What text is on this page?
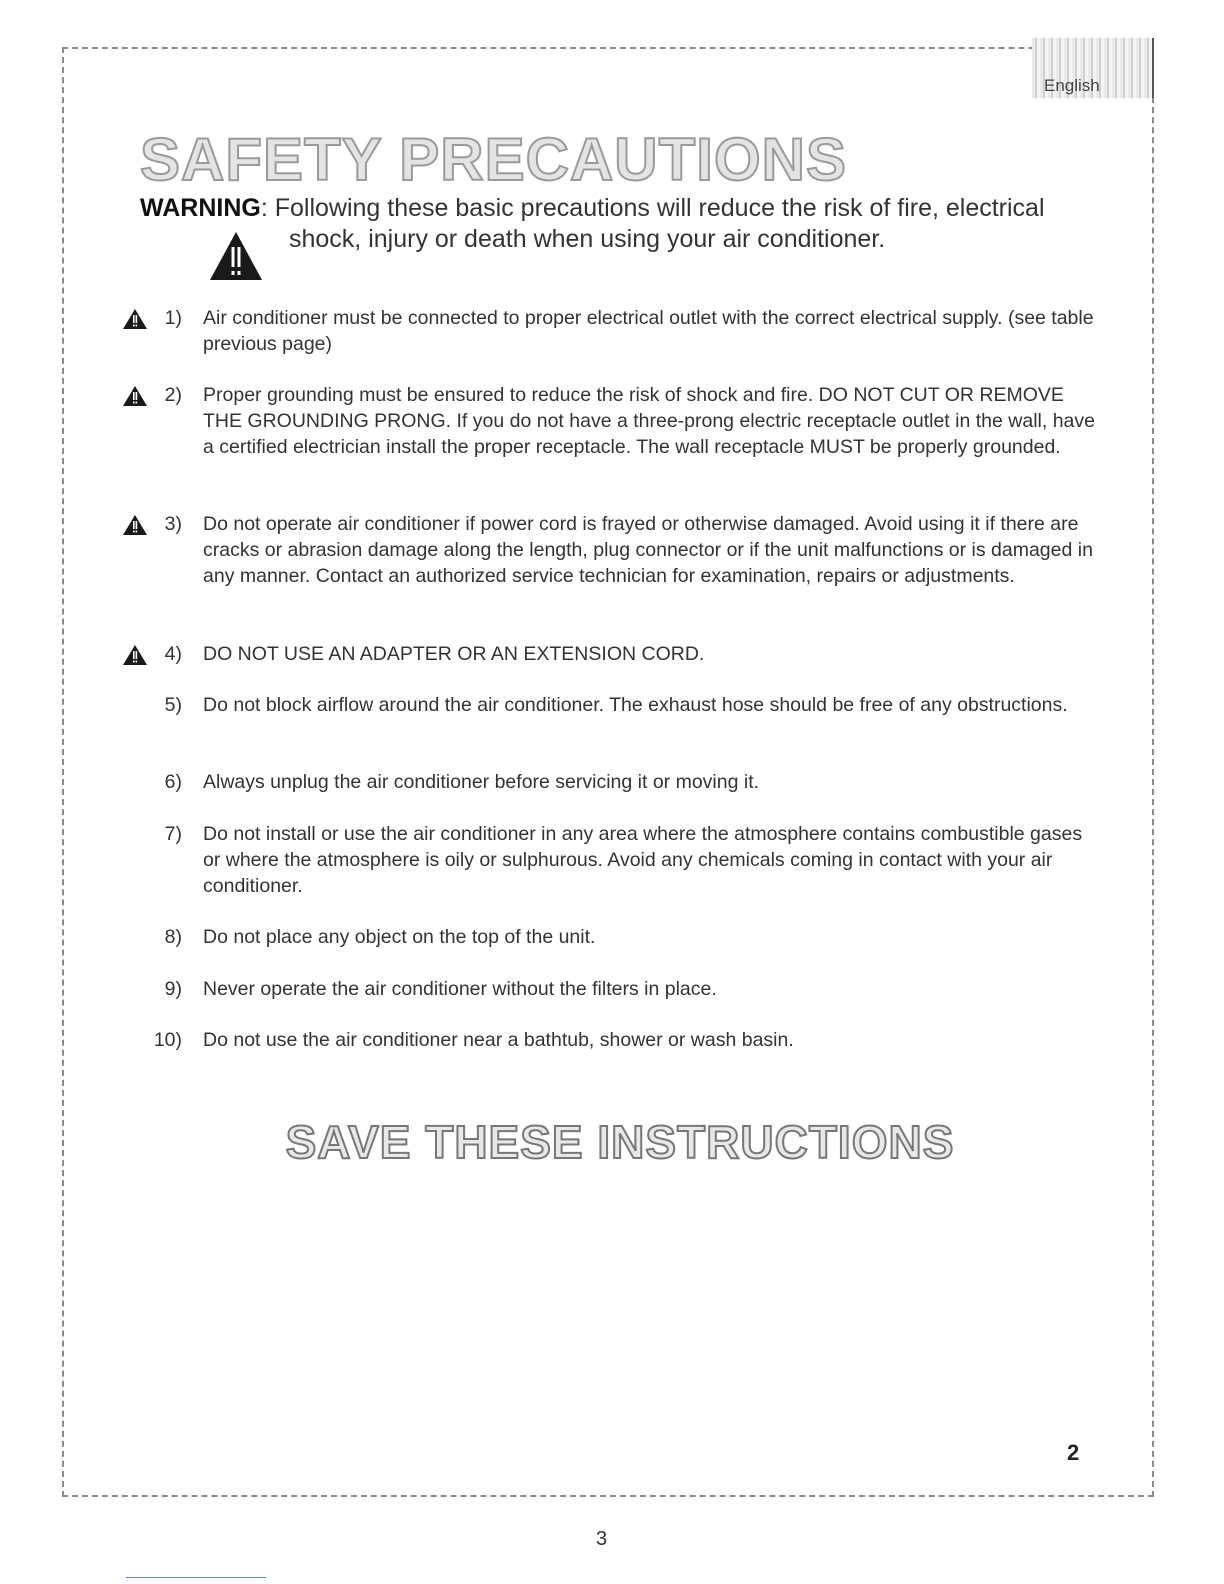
English
SAFETY PRECAUTIONS
WARNING: Following these basic precautions will reduce the risk of fire, electrical
shock, injury or death when using your air conditioner.
1) Air conditioner must be connected to proper electrical outlet with the correct electrical supply. (see table previous page)
2) Proper grounding must be ensured to reduce the risk of shock and fire. DO NOT CUT OR REMOVE THE GROUNDING PRONG. If you do not have a three-prong electric receptacle outlet in the wall, have a certified electrician install the proper receptacle. The wall receptacle MUST be properly grounded.
3) Do not operate air conditioner if power cord is frayed or otherwise damaged. Avoid using it if there are cracks or abrasion damage along the length, plug connector or if the unit malfunctions or is damaged in any manner. Contact an authorized service technician for examination, repairs or adjustments.
4) DO NOT USE AN ADAPTER OR AN EXTENSION CORD.
5) Do not block airflow around the air conditioner. The exhaust hose should be free of any obstructions.
6) Always unplug the air conditioner before servicing it or moving it.
7) Do not install or use the air conditioner in any area where the atmosphere contains combustible gases or where the atmosphere is oily or sulphurous. Avoid any chemicals coming in contact with your air conditioner.
8) Do not place any object on the top of the unit.
9) Never operate the air conditioner without the filters in place.
10) Do not use the air conditioner near a bathtub, shower or wash basin.
SAVE THESE INSTRUCTIONS
2
3
